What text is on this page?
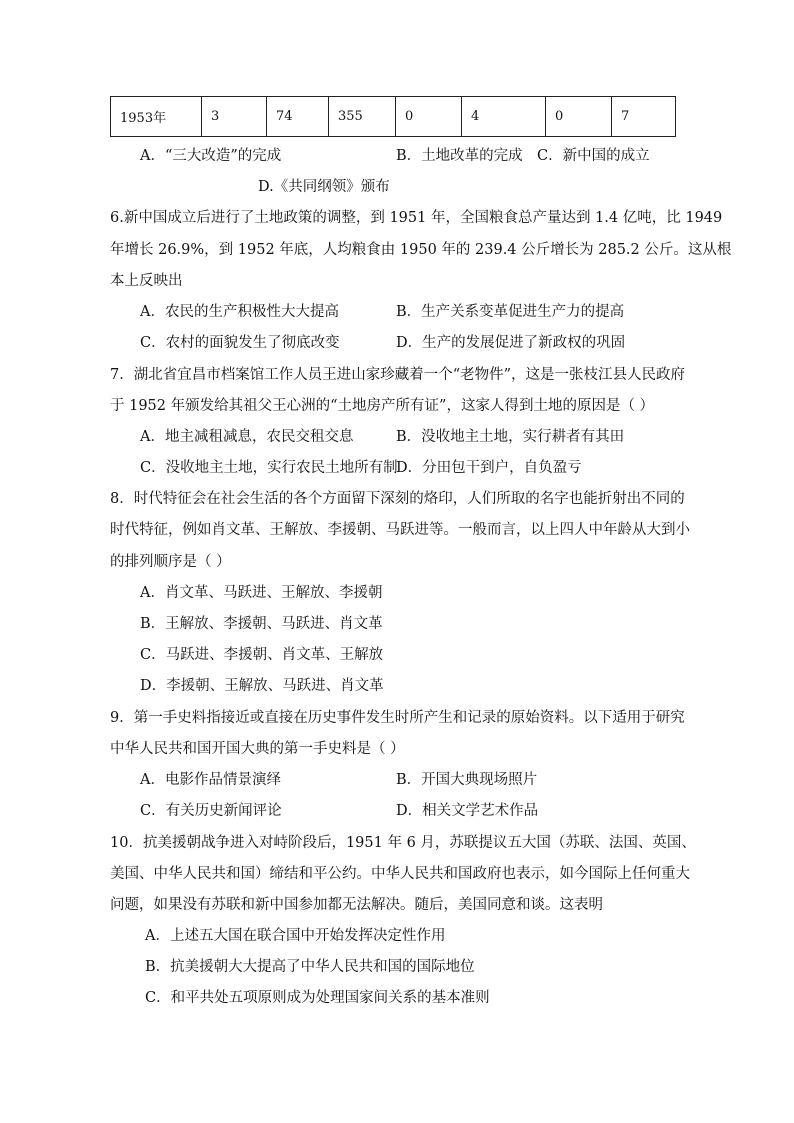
1953年	3	74	355	0	4	0	7
A．“三大改造”的完成	B．土地改革的完成 C．新中国的成立
D.《共同纲领》颁布
6.新中国成立后进行了土地政策的调整，到 1951 年，全国粮食总产量达到 1.4 亿吨，比 1949
年增长 26.9%，到 1952 年底，人均粮食由 1950 年的 239.4 公斤增长为 285.2 公斤。这从根
本上反映出
A．农民的生产积极性大大提高	B．生产关系变革促进生产力的提高
C．农村的面貌发生了彻底改变	D．生产的发展促进了新政权的巩固
7．湖北省宜昌市档案馆工作人员王进山家珍藏着一个“老物件”，这是一张枝江县人民政府
于 1952 年颁发给其祖父王心洲的“土地房产所有证”，这家人得到土地的原因是（ ）
A．地主减租减息，农民交租交息	B．没收地主土地，实行耕者有其田
C．没收地主土地，实行农民土地所有制
D．分田包干到户，自负盈亏
8．时代特征会在社会生活的各个方面留下深刻的烙印，人们所取的名字也能折射出不同的
时代特征，例如肖文革、王解放、李援朝、马跃进等。一般而言，以上四人中年龄从大到小
的排列顺序是（ ）
A．肖文革、马跃进、王解放、李援朝
B．王解放、李援朝、马跃进、肖文革
C．马跃进、李援朝、肖文革、王解放
D．李援朝、王解放、马跃进、肖文革
9．第一手史料指接近或直接在历史事件发生时所产生和记录的原始资料。以下适用于研究
中华人民共和国开国大典的第一手史料是（ ）
A．电影作品情景演绎	B．开国大典现场照片
C．有关历史新闻评论	D．相关文学艺术作品
10．抗美援朝战争进入对峙阶段后，1951 年 6 月，苏联提议五大国（苏联、法国、英国、
美国、中华人民共和国）缔结和平公约。中华人民共和国政府也表示，如今国际上任何重大
问题，如果没有苏联和新中国参加都无法解决。随后，美国同意和谈。这表明
A．上述五大国在联合国中开始发挥决定性作用
B．抗美援朝大大提高了中华人民共和国的国际地位
C．和平共处五项原则成为处理国家间关系的基本准则
